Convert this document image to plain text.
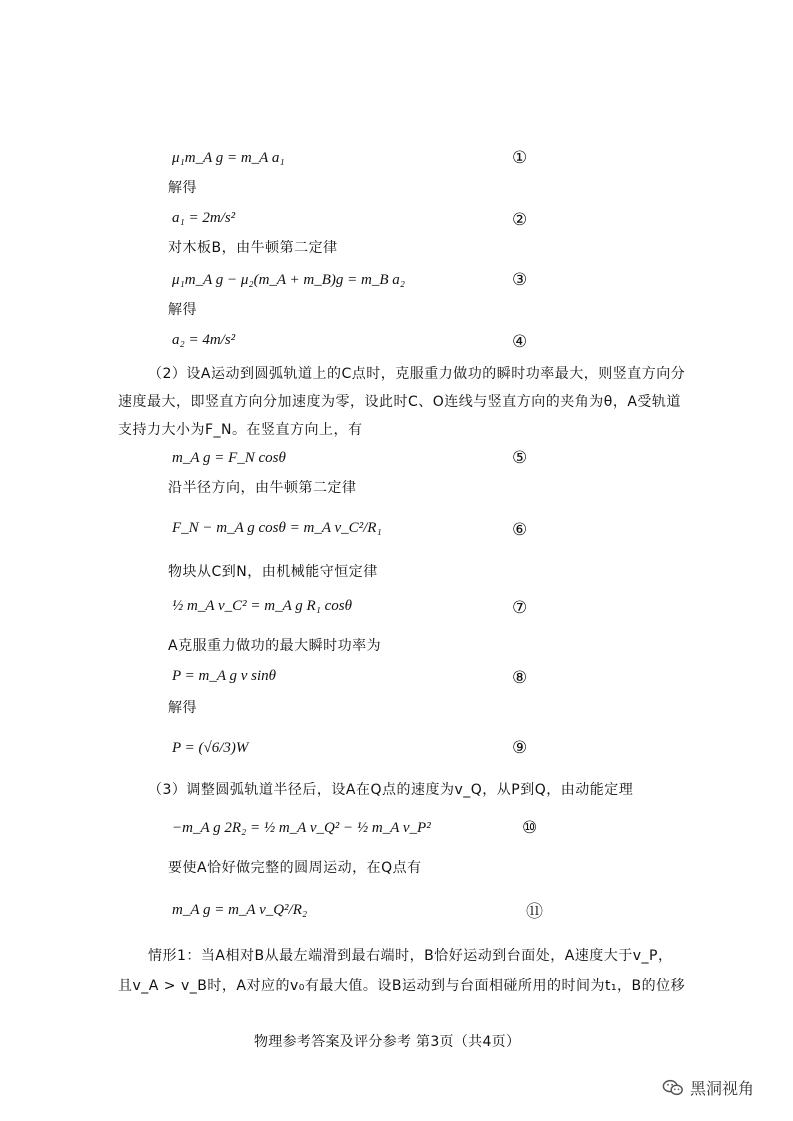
μ₁m_A g = m_A a₁	①
解得
a₁ = 2m/s²	②
对木板B，由牛顿第二定律
μ₁m_A g − μ₂(m_A + m_B)g = m_B a₂	③
解得
a₂ = 4m/s²	④
（2）设A运动到圆弧轨道上的C点时，克服重力做功的瞬时功率最大，则竖直方向分
速度最大，即竖直方向分加速度为零，设此时C、O连线与竖直方向的夹角为θ，A受轨道
支持力大小为F_N。在竖直方向上，有
m_A g = F_N cosθ	⑤
沿半径方向，由牛顿第二定律
F_N − m_A g cosθ = m_A v_C²/R₁	⑥
物块从C到N，由机械能守恒定律
½ m_A v_C² = m_A g R₁ cosθ	⑦
A克服重力做功的最大瞬时功率为
P = m_A g v sinθ	⑧
解得
P = (√6/3)W	⑨
（3）调整圆弧轨道半径后，设A在Q点的速度为v_Q，从P到Q，由动能定理
−m_A g 2R₂ = ½ m_A v_Q² − ½ m_A v_P²	⑩
要使A恰好做完整的圆周运动，在Q点有
m_A g = m_A v_Q²/R₂	⑪
情形1：当A相对B从最左端滑到最右端时，B恰好运动到台面处，A速度大于v_P，
且v_A > v_B时，A对应的v₀有最大值。设B运动到与台面相碰所用的时间为t₁，B的位移
物理参考答案及评分参考 第3页（共4页）
黑洞视角
